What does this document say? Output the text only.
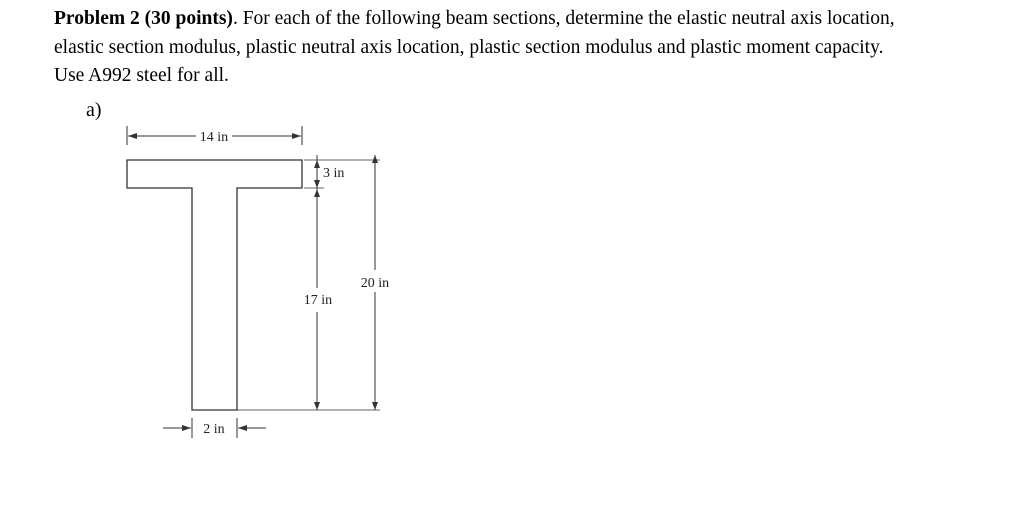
Problem 2 (30 points). For each of the following beam sections, determine the elastic neutral axis location,
elastic section modulus, plastic neutral axis location, plastic section modulus and plastic moment capacity.
Use A992 steel for all.

a)
14 in
3 in
17 in
20 in
2 in
